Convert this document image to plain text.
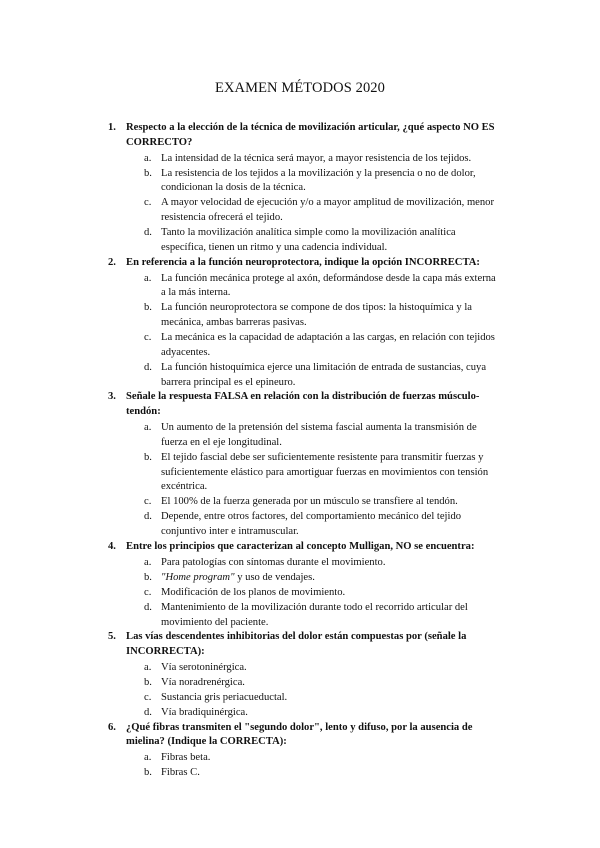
EXAMEN MÉTODOS 2020
1. Respecto a la elección de la técnica de movilización articular, ¿qué aspecto NO ES CORRECTO?
a. La intensidad de la técnica será mayor, a mayor resistencia de los tejidos.
b. La resistencia de los tejidos a la movilización y la presencia o no de dolor, condicionan la dosis de la técnica.
c. A mayor velocidad de ejecución y/o a mayor amplitud de movilización, menor resistencia ofrecerá el tejido.
d. Tanto la movilización analítica simple como la movilización analítica específica, tienen un ritmo y una cadencia individual.
2. En referencia a la función neuroprotectora, indique la opción INCORRECTA:
a. La función mecánica protege al axón, deformándose desde la capa más externa a la más interna.
b. La función neuroprotectora se compone de dos tipos: la histoquímica y la mecánica, ambas barreras pasivas.
c. La mecánica es la capacidad de adaptación a las cargas, en relación con tejidos adyacentes.
d. La función histoquímica ejerce una limitación de entrada de sustancias, cuya barrera principal es el epineuro.
3. Señale la respuesta FALSA en relación con la distribución de fuerzas músculo-tendón:
a. Un aumento de la pretensión del sistema fascial aumenta la transmisión de fuerza en el eje longitudinal.
b. El tejido fascial debe ser suficientemente resistente para transmitir fuerzas y suficientemente elástico para amortiguar fuerzas en movimientos con tensión excéntrica.
c. El 100% de la fuerza generada por un músculo se transfiere al tendón.
d. Depende, entre otros factores, del comportamiento mecánico del tejido conjuntivo inter e intramuscular.
4. Entre los principios que caracterizan al concepto Mulligan, NO se encuentra:
a. Para patologías con síntomas durante el movimiento.
b. "Home program" y uso de vendajes.
c. Modificación de los planos de movimiento.
d. Mantenimiento de la movilización durante todo el recorrido articular del movimiento del paciente.
5. Las vías descendentes inhibitorias del dolor están compuestas por (señale la INCORRECTA):
a. Vía serotoninérgica.
b. Vía noradrenérgica.
c. Sustancia gris periacueductal.
d. Vía bradiquinérgica.
6. ¿Qué fibras transmiten el "segundo dolor", lento y difuso, por la ausencia de mielina? (Indique la CORRECTA):
a. Fibras beta.
b. Fibras C.
